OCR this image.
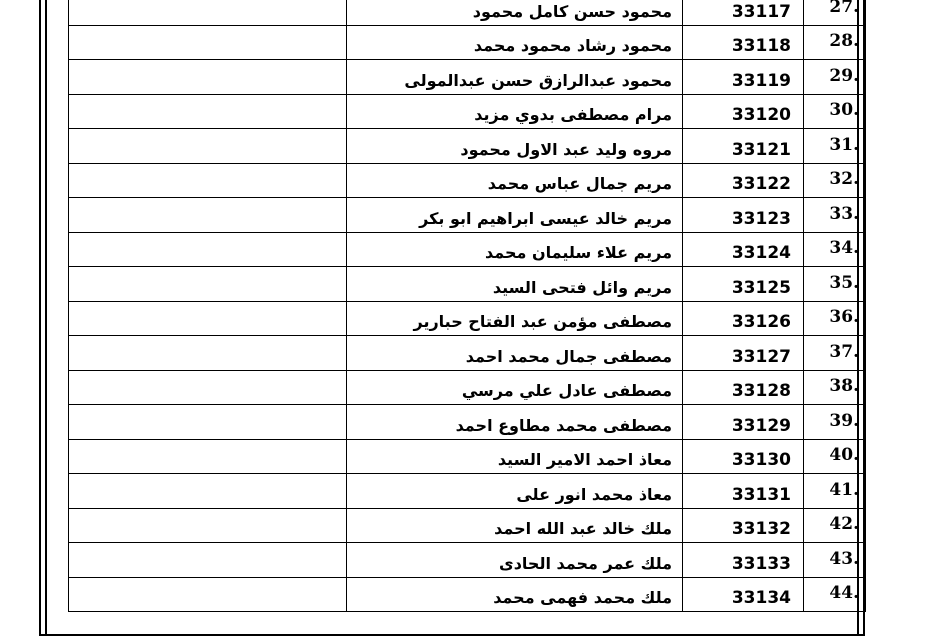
	محمود حسن كامل محمود	33117	27.
	محمود رشاد محمود محمد	33118	28.
	محمود عبدالرازق حسن عبدالمولى	33119	29.
	مرام مصطفى بدوي مزيد	33120	30.
	مروه وليد عبد الاول محمود	33121	31.
	مريم جمال عباس محمد	33122	32.
	مريم خالد عيسى ابراهيم ابو بكر	33123	33.
	مريم علاء سليمان محمد	33124	34.
	مريم وائل فتحى السيد	33125	35.
	مصطفى مؤمن عبد الفتاح حبارير	33126	36.
	مصطفى جمال محمد احمد	33127	37.
	مصطفى عادل علي مرسي	33128	38.
	مصطفى محمد مطاوع احمد	33129	39.
	معاذ احمد الامير السيد	33130	40.
	معاذ محمد انور على	33131	41.
	ملك خالد عبد الله احمد	33132	42.
	ملك عمر محمد الحادى	33133	43.
	ملك محمد فهمى محمد	33134	44.
